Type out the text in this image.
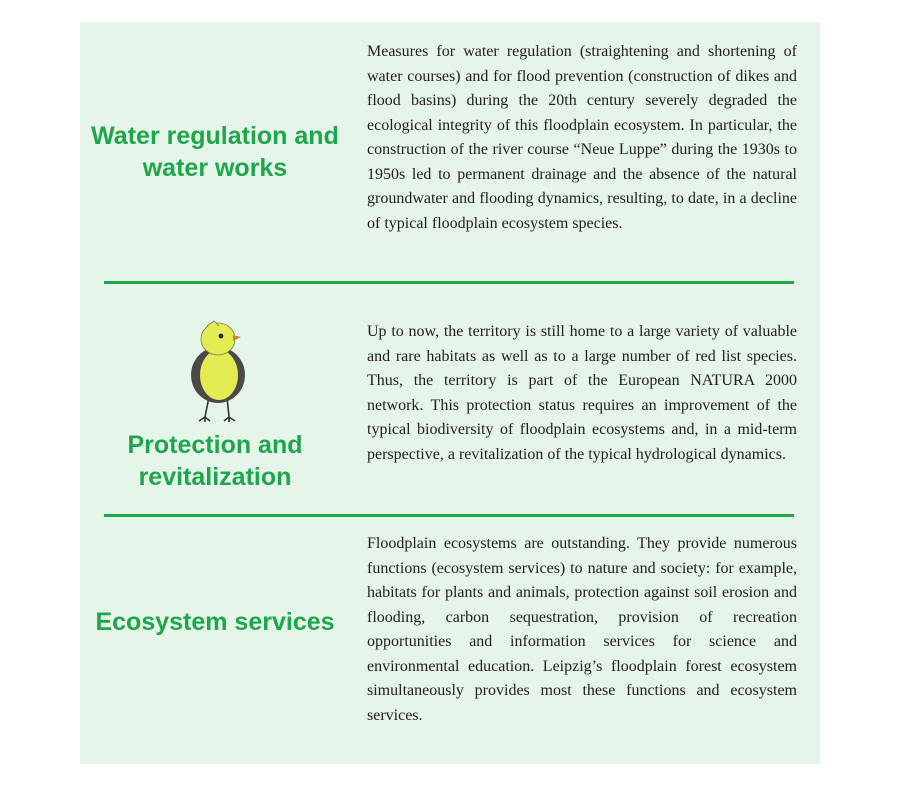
Water regulation and water works
Measures for water regulation (straightening and shortening of water courses) and for flood prevention (construction of dikes and flood basins) during the 20th century severely degraded the ecological integrity of this floodplain ecosystem. In particular, the construction of the river course “Neue Luppe” during the 1930s to 1950s led to permanent drainage and the absence of the natural groundwater and flooding dynamics, resulting, to date, in a decline of typical floodplain ecosystem species.
Protection and revitalization
Up to now, the territory is still home to a large variety of valuable and rare habitats as well as to a large number of red list species. Thus, the territory is part of the European NATURA 2000 network. This protection status requires an improvement of the typical biodiversity of floodplain ecosystems and, in a mid-term perspective, a revitalization of the typical hydrological dynamics.
Ecosystem services
Floodplain ecosystems are outstanding. They provide numerous functions (ecosystem services) to nature and society: for example, habitats for plants and animals, protection against soil erosion and flooding, carbon sequestration, provision of recreation opportunities and information services for science and environmental education. Leipzig’s floodplain forest ecosystem simultaneously provides most these functions and ecosystem services.
